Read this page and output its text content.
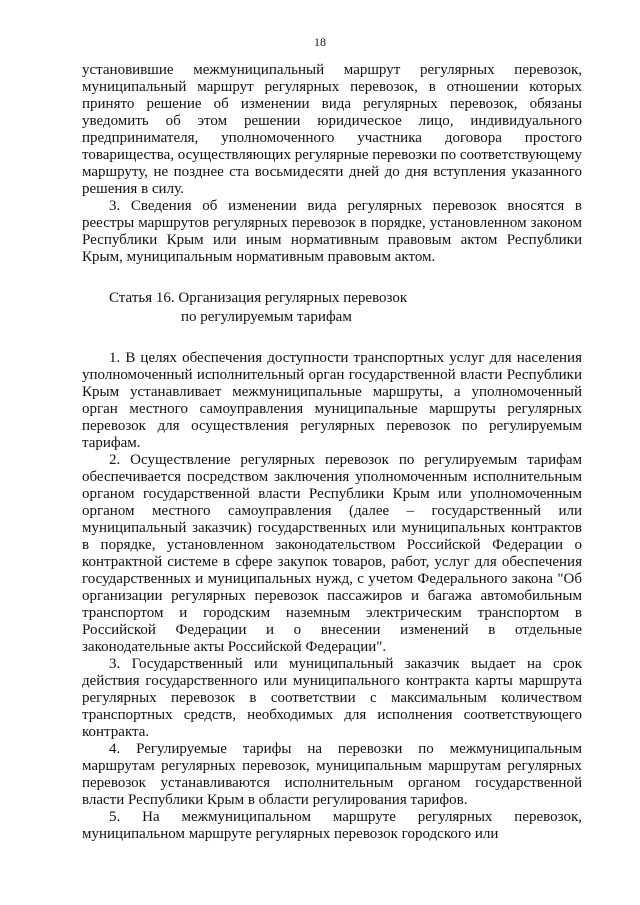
18

установившие межмуниципальный маршрут регулярных перевозок, муниципальный маршрут регулярных перевозок, в отношении которых принято решение об изменении вида регулярных перевозок, обязаны уведомить об этом решении юридическое лицо, индивидуального предпринимателя, уполномоченного участника договора простого товарищества, осуществляющих регулярные перевозки по соответствующему маршруту, не позднее ста восьмидесяти дней до дня вступления указанного решения в силу.

3. Сведения об изменении вида регулярных перевозок вносятся в реестры маршрутов регулярных перевозок в порядке, установленном законом Республики Крым или иным нормативным правовым актом Республики Крым, муниципальным нормативным правовым актом.

Статья 16. Организация регулярных перевозок
по регулируемым тарифам

1. В целях обеспечения доступности транспортных услуг для населения уполномоченный исполнительный орган государственной власти Республики Крым устанавливает межмуниципальные маршруты, а уполномоченный орган местного самоуправления муниципальные маршруты регулярных перевозок для осуществления регулярных перевозок по регулируемым тарифам.

2. Осуществление регулярных перевозок по регулируемым тарифам обеспечивается посредством заключения уполномоченным исполнительным органом государственной власти Республики Крым или уполномоченным органом местного самоуправления (далее – государственный или муниципальный заказчик) государственных или муниципальных контрактов в порядке, установленном законодательством Российской Федерации о контрактной системе в сфере закупок товаров, работ, услуг для обеспечения государственных и муниципальных нужд, с учетом Федерального закона "Об организации регулярных перевозок пассажиров и багажа автомобильным транспортом и городским наземным электрическим транспортом в Российской Федерации и о внесении изменений в отдельные законодательные акты Российской Федерации".

3. Государственный или муниципальный заказчик выдает на срок действия государственного или муниципального контракта карты маршрута регулярных перевозок в соответствии с максимальным количеством транспортных средств, необходимых для исполнения соответствующего контракта.

4. Регулируемые тарифы на перевозки по межмуниципальным маршрутам регулярных перевозок, муниципальным маршрутам регулярных перевозок устанавливаются исполнительным органом государственной власти Республики Крым в области регулирования тарифов.

5. На межмуниципальном маршруте регулярных перевозок, муниципальном маршруте регулярных перевозок городского или
